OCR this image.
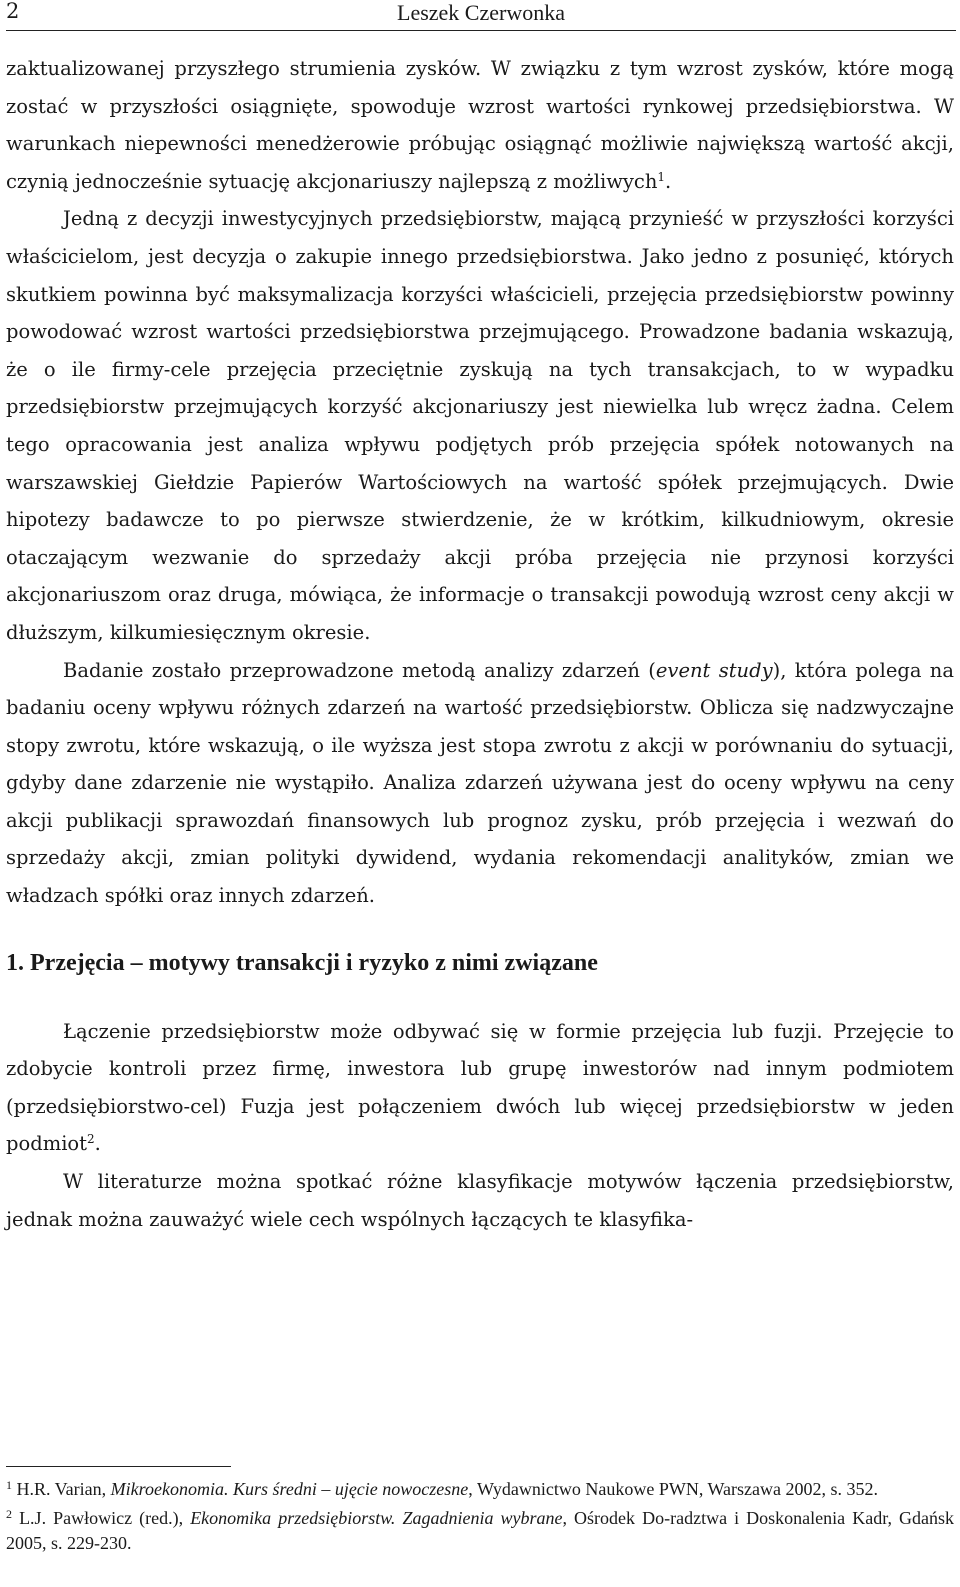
2	Leszek Czerwonka

zaktualizowanej przyszłego strumienia zysków. W związku z tym wzrost zysków, które mogą zostać w przyszłości osiągnięte, spowoduje wzrost wartości rynkowej przedsiębiorstwa. W warunkach niepewności menedżerowie próbując osiągnąć możliwie największą wartość akcji, czynią jednocześnie sytuację akcjonariuszy najlepszą z możliwych$^1$.

Jedną z decyzji inwestycyjnych przedsiębiorstw, mającą przynieść w przyszłości korzyści właścicielom, jest decyzja o zakupie innego przedsiębiorstwa. Jako jedno z posunięć, których skutkiem powinna być maksymalizacja korzyści właścicieli, przejęcia przedsiębiorstw powinny powodować wzrost wartości przedsiębiorstwa przejmującego. Prowadzone badania wskazują, że o ile firmy-cele przejęcia przeciętnie zyskują na tych transakcjach, to w wypadku przedsiębiorstw przejmujących korzyść akcjonariuszy jest niewielka lub wręcz żadna. Celem tego opracowania jest analiza wpływu podjętych prób przejęcia spółek notowanych na warszawskiej Giełdzie Papierów Wartościowych na wartość spółek przejmujących. Dwie hipotezy badawcze to po pierwsze stwierdzenie, że w krótkim, kilkudniowym, okresie otaczającym wezwanie do sprzedaży akcji próba przejęcia nie przynosi korzyści akcjonariuszom oraz druga, mówiąca, że informacje o transakcji powodują wzrost ceny akcji w dłuższym, kilkumiesięcznym okresie.

Badanie zostało przeprowadzone metodą analizy zdarzeń (event study), która polega na badaniu oceny wpływu różnych zdarzeń na wartość przedsiębiorstw. Oblicza się nadzwyczajne stopy zwrotu, które wskazują, o ile wyższa jest stopa zwrotu z akcji w porównaniu do sytuacji, gdyby dane zdarzenie nie wystąpiło. Analiza zdarzeń używana jest do oceny wpływu na ceny akcji publikacji sprawozdań finansowych lub prognoz zysku, prób przejęcia i wezwań do sprzedaży akcji, zmian polityki dywidend, wydania rekomendacji analityków, zmian we władzach spółki oraz innych zdarzeń.

1. Przejęcia – motywy transakcji i ryzyko z nimi związane

Łączenie przedsiębiorstw może odbywać się w formie przejęcia lub fuzji. Przejęcie to zdobycie kontroli przez firmę, inwestora lub grupę inwestorów nad innym podmiotem (przedsiębiorstwo-cel) Fuzja jest połączeniem dwóch lub więcej przedsiębiorstw w jeden podmiot$^2$.

W literaturze można spotkać różne klasyfikacje motywów łączenia przedsiębiorstw, jednak można zauważyć wiele cech wspólnych łączących te klasyfika-

$^1$ H.R. Varian, Mikroekonomia. Kurs średni – ujęcie nowoczesne, Wydawnictwo Naukowe PWN, Warszawa 2002, s. 352.

$^2$ L.J. Pawłowicz (red.), Ekonomika przedsiębiorstw. Zagadnienia wybrane, Ośrodek Do-radztwa i Doskonalenia Kadr, Gdańsk 2005, s. 229-230.
